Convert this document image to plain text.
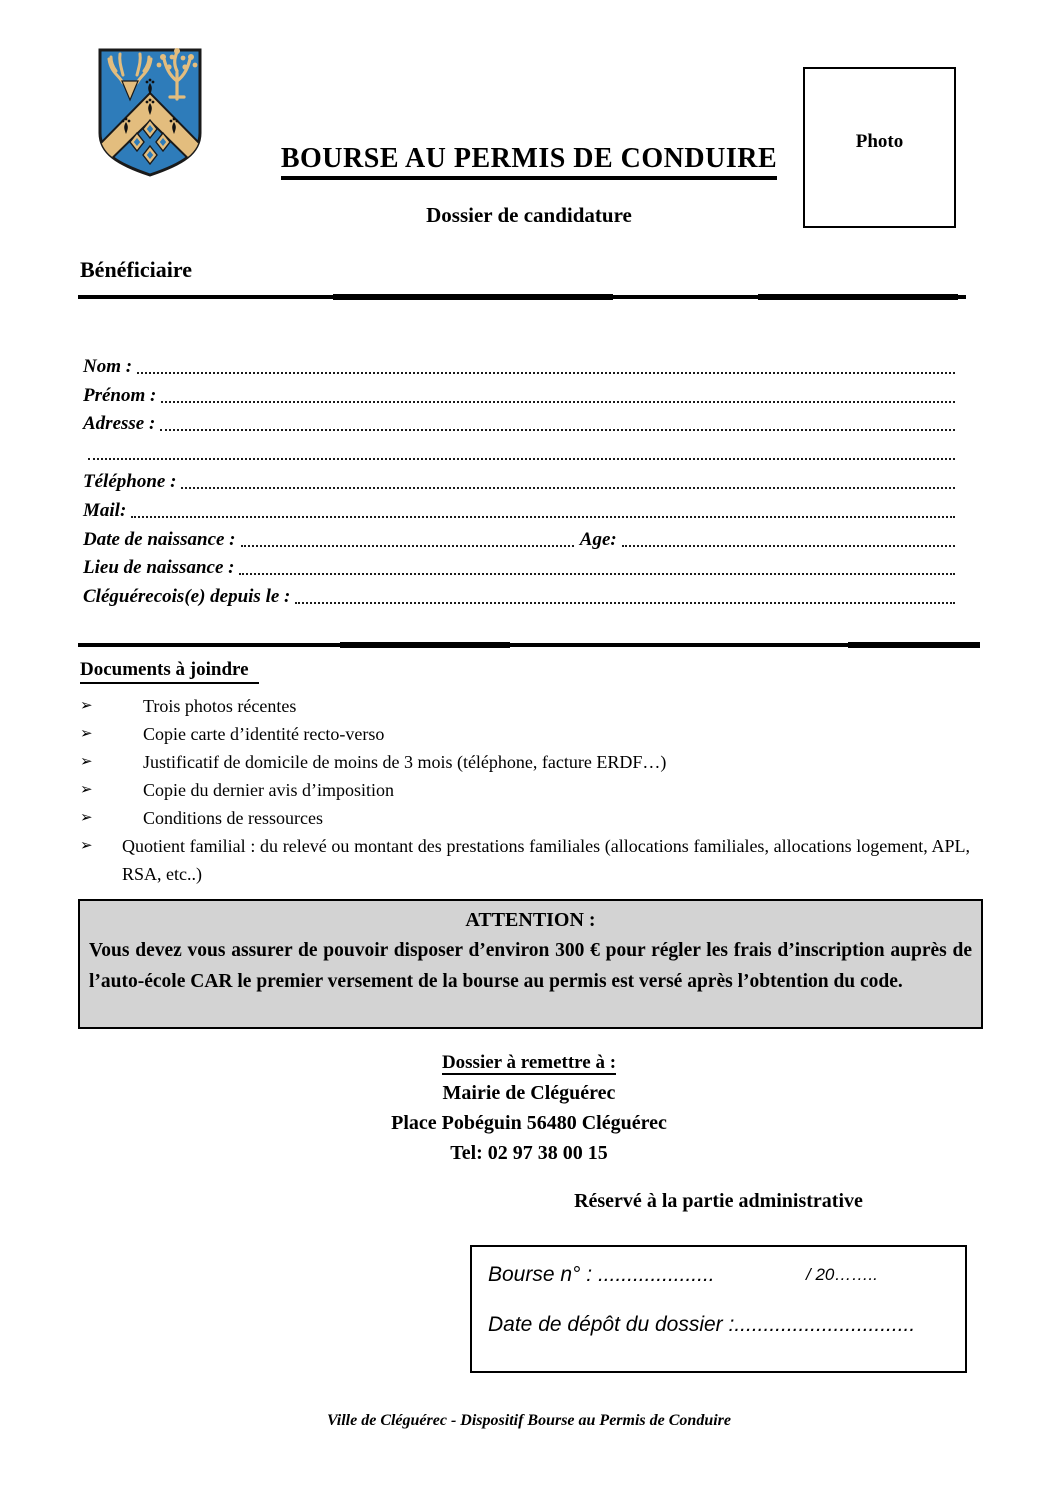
BOURSE AU PERMIS DE CONDUIRE
Dossier de candidature
Photo
Bénéficiaire
Nom :
Prénom :
Adresse :
Téléphone :
Mail:
Date de naissance :	Age:
Lieu de naissance :
Cléguérecois(e) depuis le :
Documents à joindre
➢	Trois photos récentes
➢	Copie carte d’identité recto-verso
➢	Justificatif de domicile de moins de 3 mois (téléphone, facture ERDF…)
➢	Copie du dernier avis d’imposition
➢	Conditions de ressources
➢	Quotient familial : du relevé ou montant des prestations familiales (allocations familiales, allocations logement, APL, RSA, etc..)
ATTENTION :
Vous devez vous assurer de pouvoir disposer d’environ 300 € pour régler les frais d’inscription auprès de l’auto-école CAR le premier versement de la bourse au permis est versé après l’obtention du code.
Dossier à remettre à :
Mairie de Cléguérec
Place Pobéguin 56480 Cléguérec
Tel: 02 97 38 00 15
Réservé à la partie administrative
Bourse n° : ....................	/ 20……..
Date de dépôt du dossier :...............................
Ville de Cléguérec - Dispositif Bourse au Permis de Conduire
